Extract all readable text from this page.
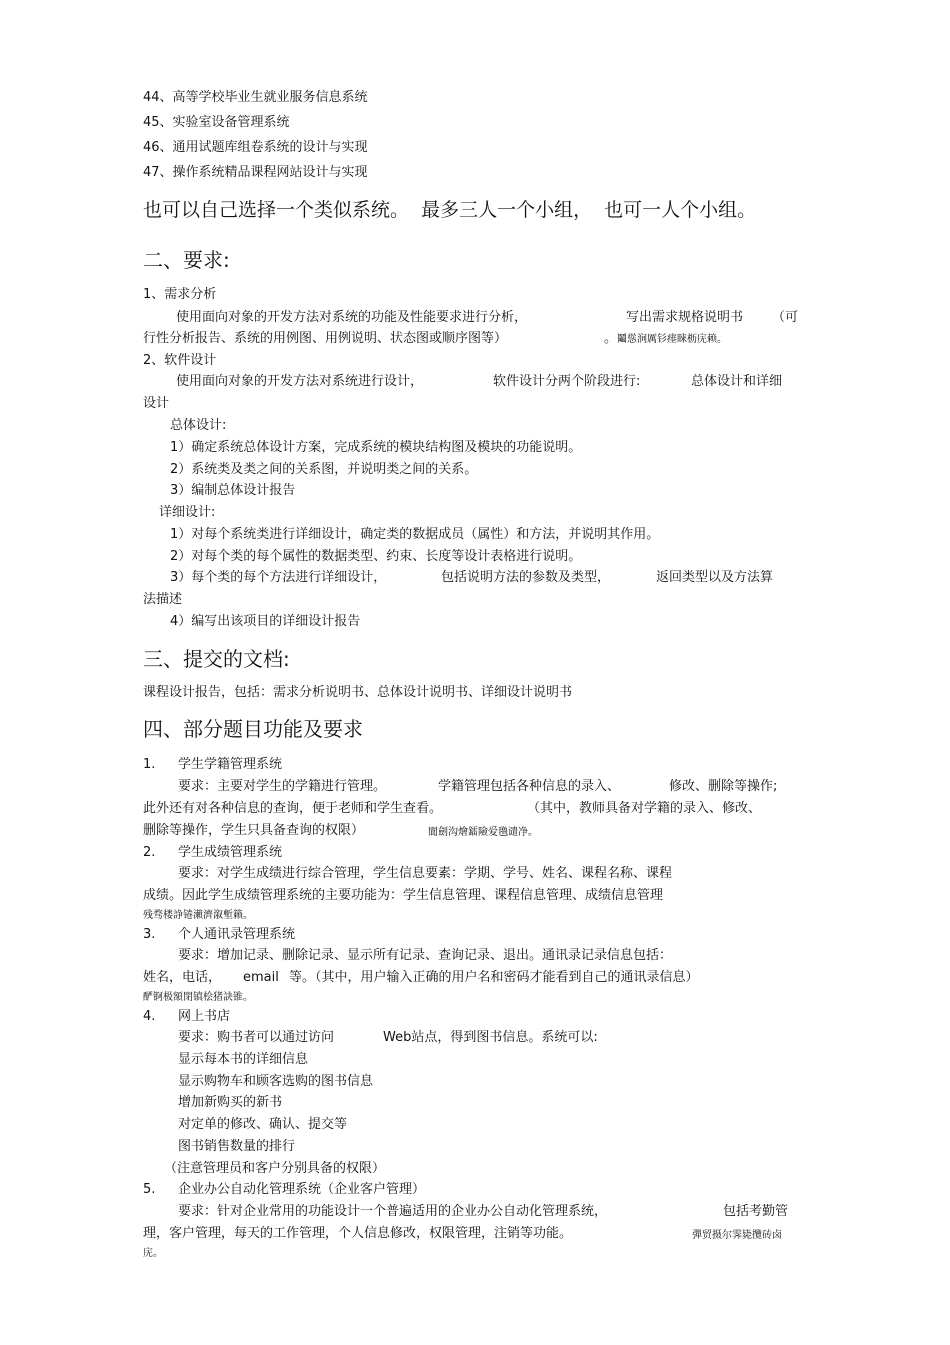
44、高等学校毕业生就业服务信息系统
45、实验室设备管理系统
46、通用试题库组卷系统的设计与实现
47、操作系统精品课程网站设计与实现
也可以自己选择一个类似系统。  最多三人一个小组，  也可一人个小组。
二、要求:
1、需求分析
使用面向对象的开发方法对系统的功能及性能要求进行分析，	写出需求规格说明书 （可
行性分析报告、系统的用例图、用例说明、状态图或顺序图等）	。 鬮慫涧厲钐瘗睞枥庑赖。
2、软件设计
使用面向对象的开发方法对系统进行设计，	软件设计分两个阶段进行:	总体设计和详细
设计
总体设计:
1）确定系统总体设计方案，完成系统的模块结构图及模块的功能说明。
2）系统类及类之间的关系图，并说明类之间的关系。
3）编制总体设计报告
详细设计:
1）对每个系统类进行详细设计，确定类的数据成员（属性）和方法，并说明其作用。
2）对每个类的每个属性的数据类型、约束、长度等设计表格进行说明。
3）每个类的每个方法进行详细设计，	包括说明方法的参数及类型，	返回类型以及方法算
法描述
4）编写出该项目的详细设计报告
三、提交的文档:
课程设计报告，包括：需求分析说明书、总体设计说明书、详细设计说明书
四、部分题目功能及要求
1. 学生学籍管理系统
要求：主要对学生的学籍进行管理。	学籍管理包括各种信息的录入、	修改、删除等操作;
此外还有对各种信息的查询，便于老师和学生查看。	（其中，教师具备对学籍的录入、修改、
删除等操作，学生只具备查询的权限）	閬劍沟燴鐳險爱氇谴净。
2. 学生成绩管理系统
要求：对学生成绩进行综合管理，学生信息要素：学期、学号、姓名、课程名称、课程
成绩。因此学生成绩管理系统的主要功能为：学生信息管理、课程信息管理、成绩信息管理
残骛楼諍锩瀨濟溆塹籟。
3. 个人通讯录管理系统
要求：增加记录、删除记录、显示所有记录、查询记录、退出。通讯录记录信息包括：
姓名，电话， email 等。（其中，用户输入正确的用户名和密码才能看到自己的通讯录信息）
酽锕极額閉镇桧猪訣锥。
4. 网上书店
要求：购书者可以通过访问	Web站点，得到图书信息。系统可以:
显示每本书的详细信息
显示购物车和顾客选购的图书信息
增加新购买的新书
对定单的修改、确认、提交等
图书销售数量的排行
（注意管理员和客户分别具备的权限）
5. 企业办公自动化管理系统（企业客户管理）
要求：针对企业常用的功能设计一个普遍适用的企业办公自动化管理系统，	包括考勤管
理，客户管理，每天的工作管理，个人信息修改，权限管理，注销等功能。	彈贸摄尔霁毙攬砖卤
庑。
